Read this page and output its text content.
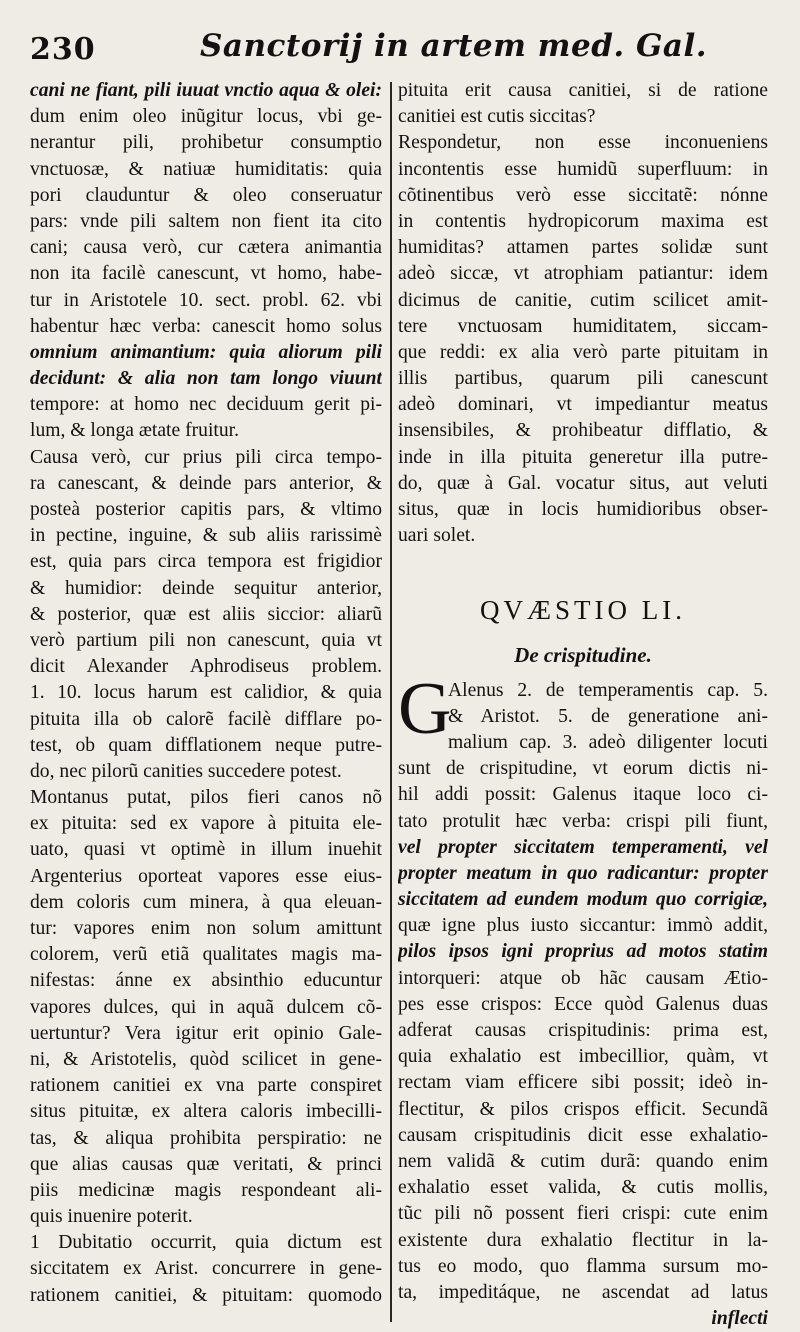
230	Sanctorij in artem med. Gal.
cani ne fiant, pili iuuat vnctio aqua & olei:
dum enim oleo inũgitur locus, vbi ge-
nerantur pili, prohibetur consumptio
vnctuosæ, & natiuæ humiditatis: quia
pori clauduntur & oleo conseruatur
pars: vnde pili saltem non fient ita cito
cani; causa verò, cur cætera animantia
non ita facilè canescunt, vt homo, habe-
tur in Aristotele 10. sect. probl. 62. vbi
habentur hæc verba: canescit homo solus
omnium animantium: quia aliorum pili
decidunt: & alia non tam longo viuunt
tempore: at homo nec deciduum gerit pi-
lum, & longa ætate fruitur.
Causa verò, cur prius pili circa tempo-
ra canescant, & deinde pars anterior, &
posteà posterior capitis pars, & vltimo
in pectine, inguine, & sub aliis rarissimè
est, quia pars circa tempora est frigidior
& humidior: deinde sequitur anterior,
& posterior, quæ est aliis siccior: aliarũ
verò partium pili non canescunt, quia vt
dicit Alexander Aphrodiseus problem.
1. 10. locus harum est calidior, & quia
pituita illa ob calorẽ facilè difflare po-
test, ob quam difflationem neque putre-
do, nec pilorũ canities succedere potest.
Montanus putat, pilos fieri canos nõ
ex pituita: sed ex vapore à pituita ele-
uato, quasi vt optimè in illum inuehit
Argenterius oporteat vapores esse eius-
dem coloris cum minera, à qua eleuan-
tur: vapores enim non solum amittunt
colorem, verũ etiã qualitates magis ma-
nifestas: ánne ex absinthio educuntur
vapores dulces, qui in aquã dulcem cõ-
uertuntur? Vera igitur erit opinio Gale-
ni, & Aristotelis, quòd scilicet in gene-
rationem canitiei ex vna parte conspiret
situs pituitæ, ex altera caloris imbecilli-
tas, & aliqua prohibita perspiratio: ne
que alias causas quæ veritati, & princi
piis medicinæ magis respondeant ali-
quis inuenire poterit.
1 Dubitatio occurrit, quia dictum est
siccitatem ex Arist. concurrere in gene-
rationem canitiei, & pituitam: quomodo
pituita erit causa canitiei, si de ratione
canitiei est cutis siccitas?
Respondetur, non esse inconueniens
incontentis esse humidũ superfluum: in
cõtinentibus verò esse siccitatẽ: nónne
in contentis hydropicorum maxima est
humiditas? attamen partes solidæ sunt
adeò siccæ, vt atrophiam patiantur: idem
dicimus de canitie, cutim scilicet amit-
tere vnctuosam humiditatem, siccam-
que reddi: ex alia verò parte pituitam in
illis partibus, quarum pili canescunt
adeò dominari, vt impediantur meatus
insensibiles, & prohibeatur difflatio, &
inde in illa pituita generetur illa putre-
do, quæ à Gal. vocatur situs, aut veluti
situs, quæ in locis humidioribus obser-
uari solet.
QVÆSTIO LI.
De crispitudine.
G
Alenus 2. de temperamentis cap. 5.
& Aristot. 5. de generatione ani-
malium cap. 3. adeò diligenter locuti
sunt de crispitudine, vt eorum dictis ni-
hil addi possit: Galenus itaque loco ci-
tato protulit hæc verba: crispi pili fiunt,
vel propter siccitatem temperamenti, vel
propter meatum in quo radicantur: propter
siccitatem ad eundem modum quo corrigiæ,
quæ igne plus iusto siccantur: immò addit,
pilos ipsos igni proprius ad motos statim
intorqueri: atque ob hãc causam Ætio-
pes esse crispos: Ecce quòd Galenus duas
adferat causas crispitudinis: prima est,
quia exhalatio est imbecillior, quàm, vt
rectam viam efficere sibi possit; ideò in-
flectitur, & pilos crispos efficit. Secundã
causam crispitudinis dicit esse exhalatio-
nem validã & cutim durã: quando enim
exhalatio esset valida, & cutis mollis,
tũc pili nõ possent fieri crispi: cute enim
existente dura exhalatio flectitur in la-
tus eo modo, quo flamma sursum mo-
ta, impeditáque, ne ascendat ad latus
inflecti
